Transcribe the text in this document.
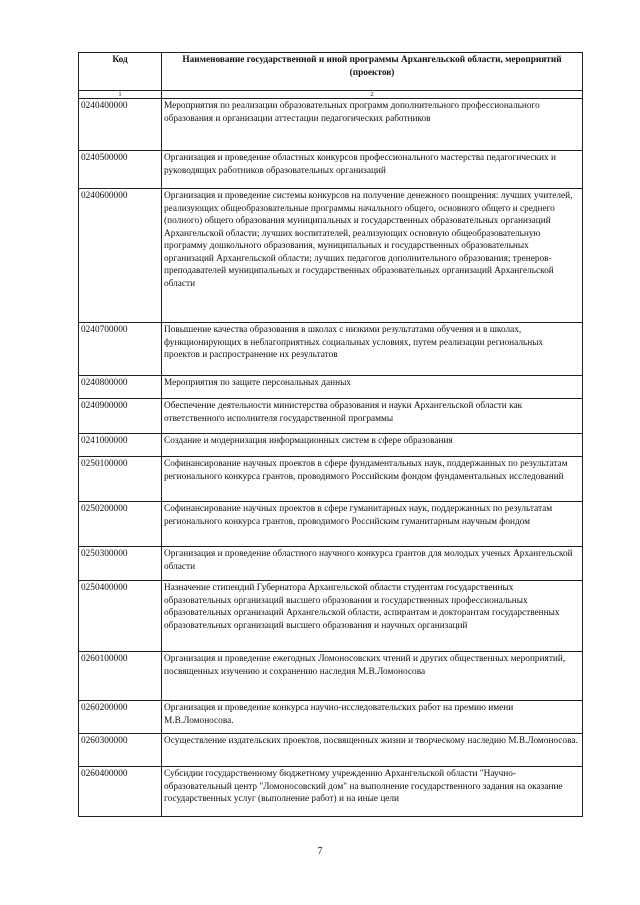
Код	Наименование государственной и иной программы Архангельской области, мероприятий (проектов)
1	2
0240400000	Мероприятия по реализации образовательных программ дополнительного профессионального образования и организации аттестации педагогических работников
0240500000	Организация и проведение областных конкурсов профессионального мастерства педагогических и руководящих работников образовательных организаций
0240600000	Организация и проведение системы конкурсов на получение денежного поощрения: лучших учителей, реализующих общеобразовательные программы начального общего, основного общего и среднего (полного) общего образования муниципальных и государственных образовательных организаций Архангельской области; лучших воспитателей, реализующих основную общеобразовательную программу дошкольного образования, муниципальных и государственных образовательных организаций Архангельской области; лучших педагогов дополнительного образования; тренеров-преподавателей муниципальных и государственных образовательных организаций Архангельской области
0240700000	Повышение качества образования в школах с низкими результатами обучения и в школах, функционирующих в неблагоприятных социальных условиях, путем реализации региональных проектов и распространение их результатов
0240800000	Мероприятия по защите персональных данных
0240900000	Обеспечение деятельности министерства образования и науки Архангельской области как ответственного исполнителя государственной программы
0241000000	Создание и модернизация информационных систем в сфере образования
0250100000	Софинансирование научных проектов в сфере фундаментальных наук, поддержанных по результатам регионального конкурса грантов, проводимого Российским фондом фундаментальных исследований
0250200000	Софинансирование научных проектов в сфере гуманитарных наук, поддержанных по результатам регионального конкурса грантов, проводимого Российским гуманитарным научным фондом
0250300000	Организация и проведение областного научного конкурса грантов для молодых ученых Архангельской области
0250400000	Назначение стипендий Губернатора Архангельской области студентам государственных образовательных организаций высшего образования и государственных профессиональных образовательных организаций Архангельской области, аспирантам и докторантам государственных образовательных организаций высшего образования и научных организаций
0260100000	Организация и проведение ежегодных Ломоносовских чтений и других общественных мероприятий, посвященных изучению и сохранению наследия М.В.Ломоносова
0260200000	Организация и проведение конкурса научно-исследовательских работ на премию имени М.В.Ломоносова.
0260300000	Осуществление издательских проектов, посвященных жизни и творческому наследию М.В.Ломоносова.
0260400000	Субсидии государственному бюджетному учреждению Архангельской области "Научно-образовательный центр "Ломоносовский дом" на выполнение государственного задания на оказание государственных услуг (выполнение работ) и на иные цели
7
